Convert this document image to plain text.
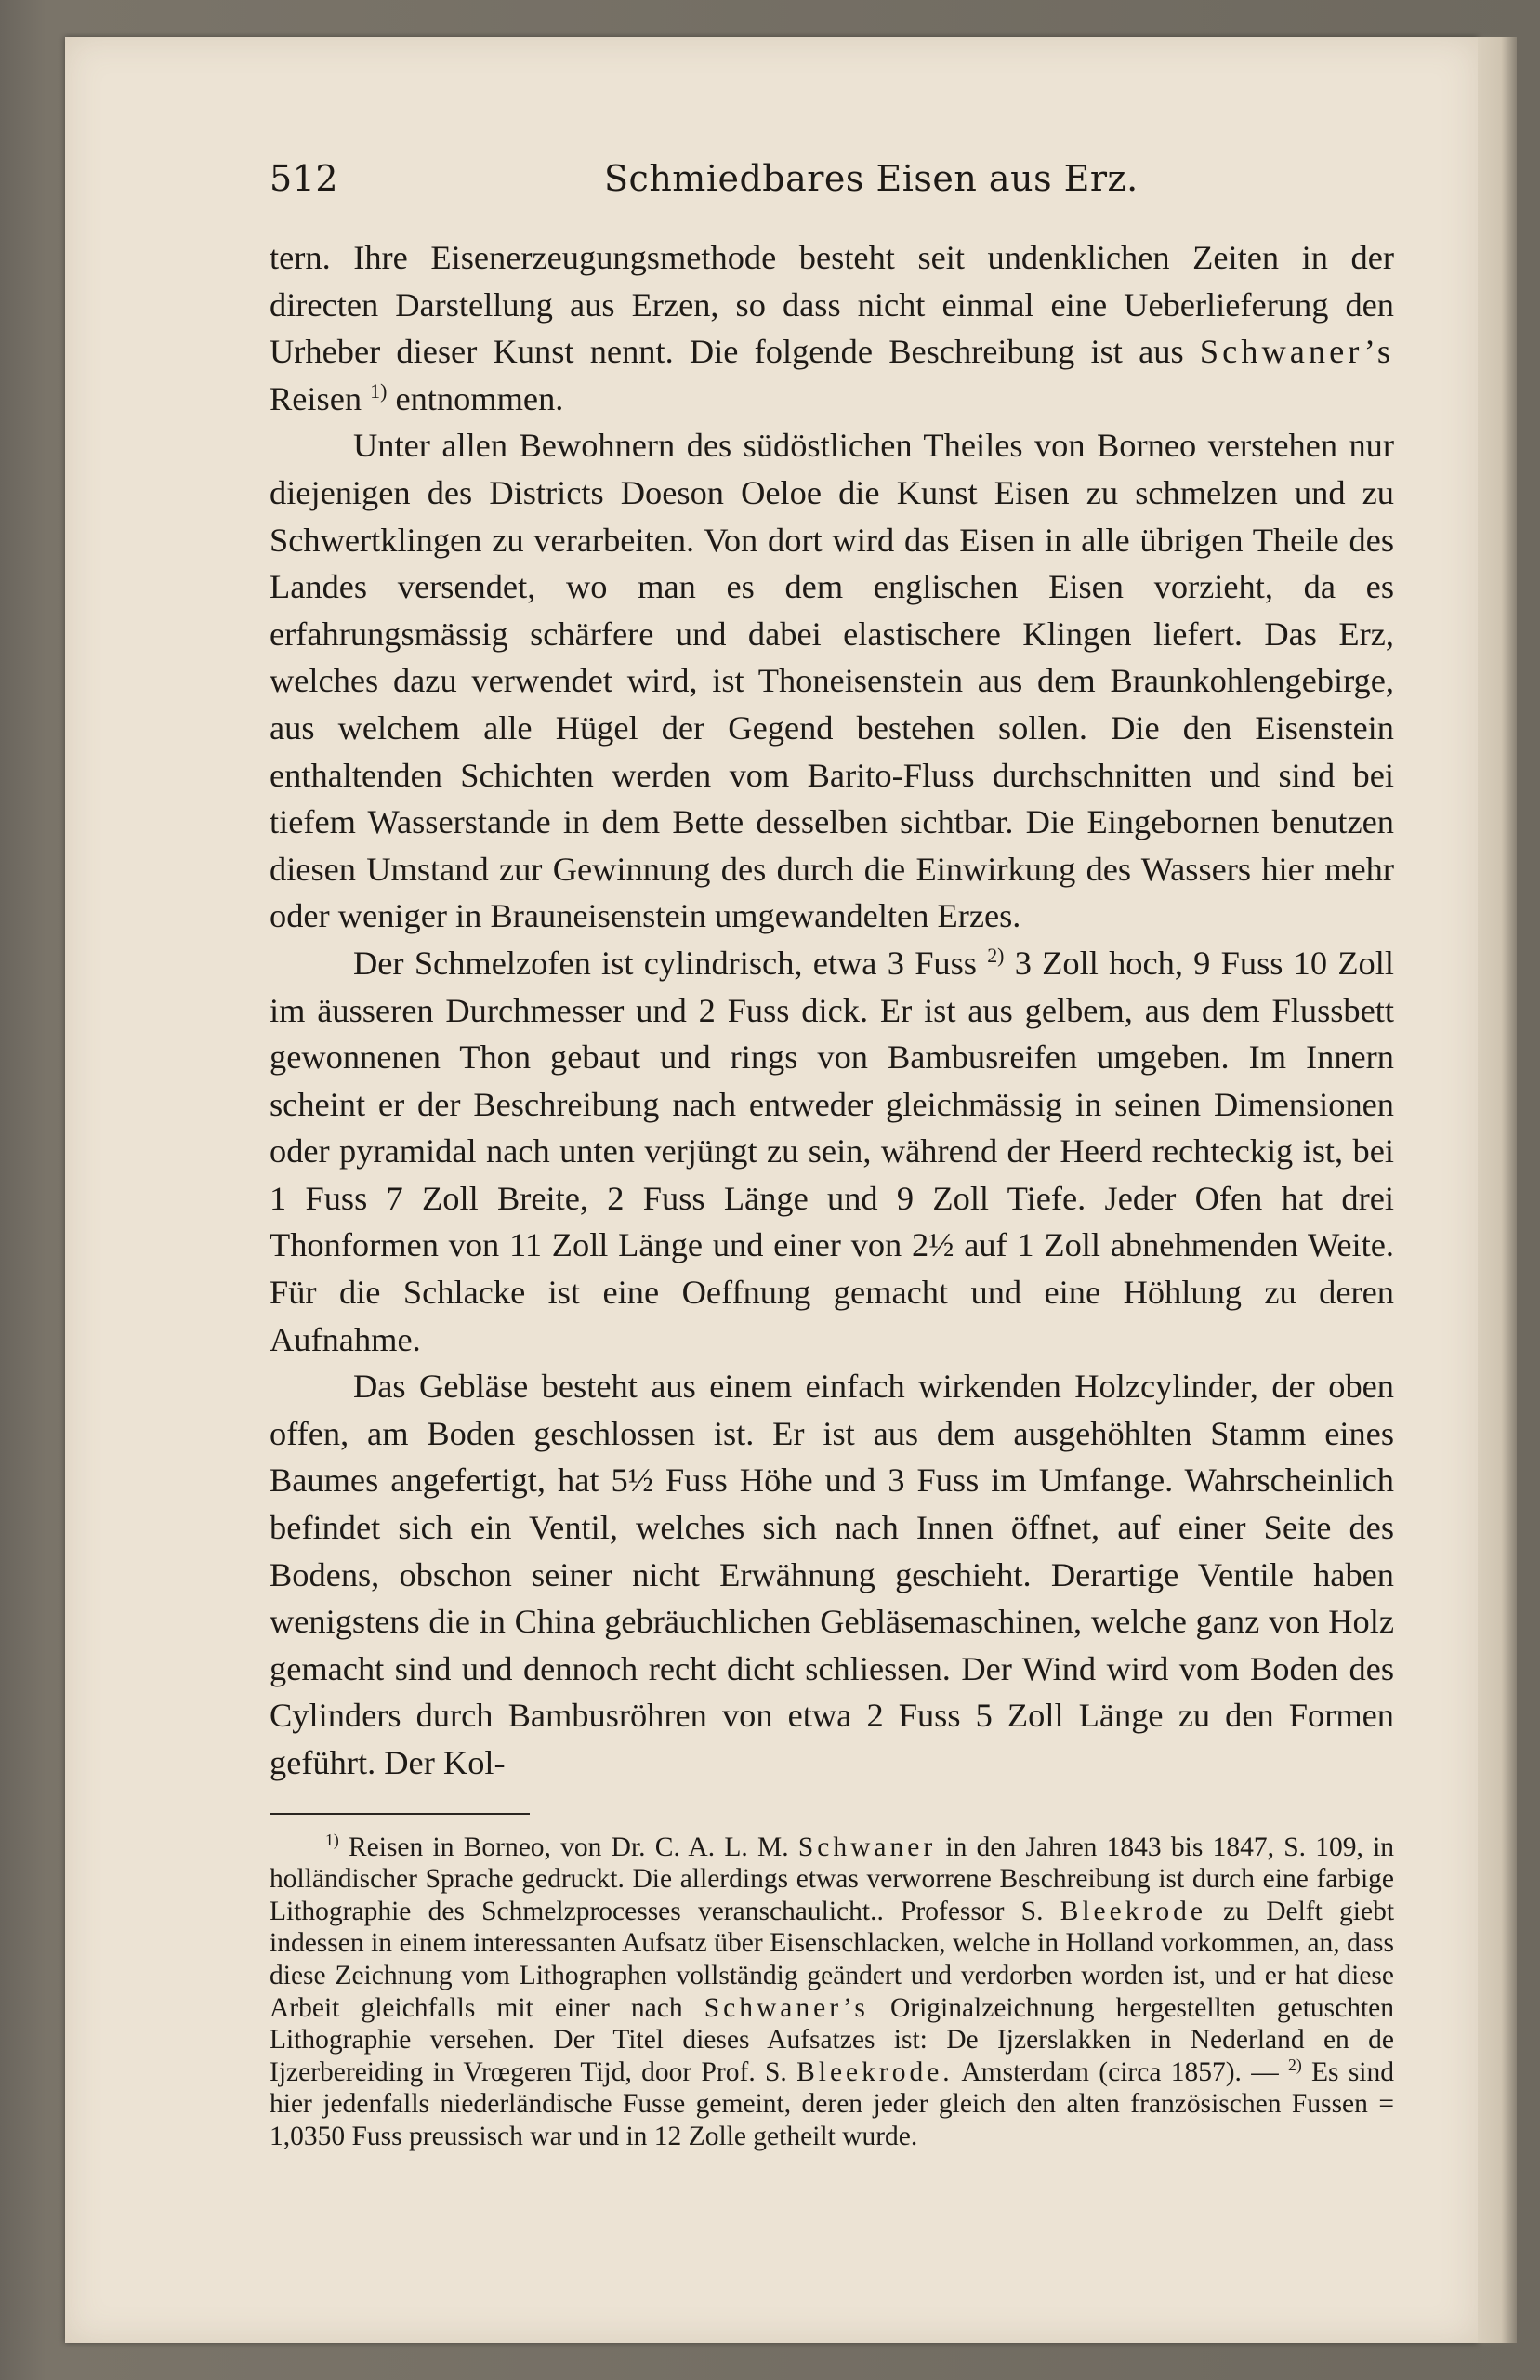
512	Schmiedbares Eisen aus Erz.

tern. Ihre Eisenerzeugungsmethode besteht seit undenklichen Zeiten in der directen Darstellung aus Erzen, so dass nicht einmal eine Ueberlieferung den Urheber dieser Kunst nennt. Die folgende Beschreibung ist aus Schwaner’s Reisen $^{1)}$ entnommen.

Unter allen Bewohnern des südöstlichen Theiles von Borneo verstehen nur diejenigen des Districts Doeson Oeloe die Kunst Eisen zu schmelzen und zu Schwertklingen zu verarbeiten. Von dort wird das Eisen in alle übrigen Theile des Landes versendet, wo man es dem englischen Eisen vorzieht, da es erfahrungsmässig schärfere und dabei elastischere Klingen liefert. Das Erz, welches dazu verwendet wird, ist Thoneisenstein aus dem Braunkohlengebirge, aus welchem alle Hügel der Gegend bestehen sollen. Die den Eisenstein enthaltenden Schichten werden vom Barito-Fluss durchschnitten und sind bei tiefem Wasserstande in dem Bette desselben sichtbar. Die Eingebornen benutzen diesen Umstand zur Gewinnung des durch die Einwirkung des Wassers hier mehr oder weniger in Brauneisenstein umgewandelten Erzes.

Der Schmelzofen ist cylindrisch, etwa 3 Fuss $^{2)}$ 3 Zoll hoch, 9 Fuss 10 Zoll im äusseren Durchmesser und 2 Fuss dick. Er ist aus gelbem, aus dem Flussbett gewonnenen Thon gebaut und rings von Bambusreifen umgeben. Im Innern scheint er der Beschreibung nach entweder gleichmässig in seinen Dimensionen oder pyramidal nach unten verjüngt zu sein, während der Heerd rechteckig ist, bei 1 Fuss 7 Zoll Breite, 2 Fuss Länge und 9 Zoll Tiefe. Jeder Ofen hat drei Thonformen von 11 Zoll Länge und einer von 2½ auf 1 Zoll abnehmenden Weite. Für die Schlacke ist eine Oeffnung gemacht und eine Höhlung zu deren Aufnahme.

Das Gebläse besteht aus einem einfach wirkenden Holzcylinder, der oben offen, am Boden geschlossen ist. Er ist aus dem ausgehöhlten Stamm eines Baumes angefertigt, hat 5½ Fuss Höhe und 3 Fuss im Umfange. Wahrscheinlich befindet sich ein Ventil, welches sich nach Innen öffnet, auf einer Seite des Bodens, obschon seiner nicht Erwähnung geschieht. Derartige Ventile haben wenigstens die in China gebräuchlichen Gebläsemaschinen, welche ganz von Holz gemacht sind und dennoch recht dicht schliessen. Der Wind wird vom Boden des Cylinders durch Bambusröhren von etwa 2 Fuss 5 Zoll Länge zu den Formen geführt. Der Kol-

$^{1)}$ Reisen in Borneo, von Dr. C. A. L. M. Schwaner in den Jahren 1843 bis 1847, S. 109, in holländischer Sprache gedruckt. Die allerdings etwas verworrene Beschreibung ist durch eine farbige Lithographie des Schmelzprocesses veranschaulicht.. Professor S. Bleekrode zu Delft giebt indessen in einem interessanten Aufsatz über Eisenschlacken, welche in Holland vorkommen, an, dass diese Zeichnung vom Lithographen vollständig geändert und verdorben worden ist, und er hat diese Arbeit gleichfalls mit einer nach Schwaner’s Originalzeichnung hergestellten getuschten Lithographie versehen. Der Titel dieses Aufsatzes ist: De Ijzerslakken in Nederland en de Ijzerbereiding in Vrœgeren Tijd, door Prof. S. Bleekrode. Amsterdam (circa 1857). — $^{2)}$ Es sind hier jedenfalls niederländische Fusse gemeint, deren jeder gleich den alten französischen Fussen = 1,0350 Fuss preussisch war und in 12 Zolle getheilt wurde.
